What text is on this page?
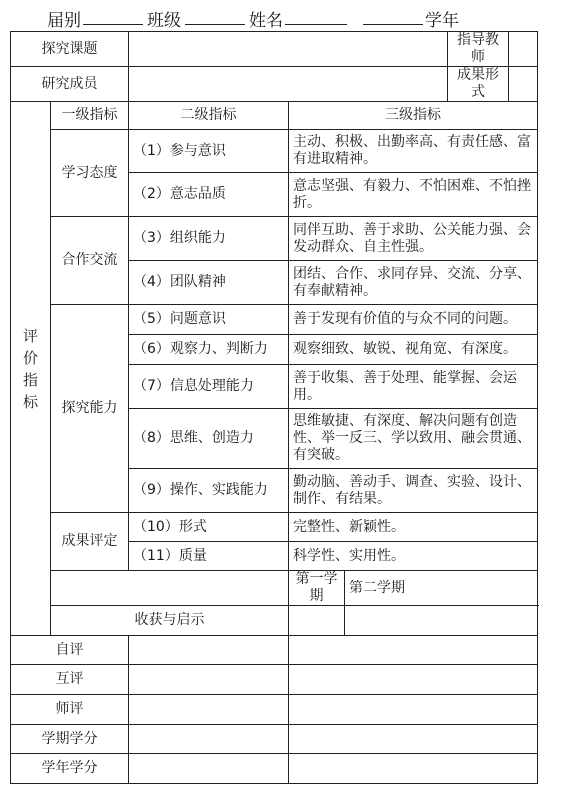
届别	班级	姓名	学年
探究课题					指导教师	
研究成员					成果形式	

评
价
指
标	一级指标	二级指标	三级指标			
	学习态度	（1）参与意识	主动、积极、出勤率高、有责任感、富有进取精神。			
		（2）意志品质	意志坚强、有毅力、不怕困难、不怕挫折。			
	合作交流	（3）组织能力	同伴互助、善于求助、公关能力强、会发动群众、自主性强。			
		（4）团队精神	团结、合作、求同存异、交流、分享、有奉献精神。			
	探究能力	（5）问题意识	善于发现有价值的与众不同的问题。			
		（6）观察力、判断力	观察细致、敏锐、视角宽、有深度。			
		（7）信息处理能力	善于收集、善于处理、能掌握、会运用。			
		（8）思维、创造力	思维敏捷、有深度、解决问题有创造性、举一反三、学以致用、融会贯通、有突破。			
		（9）操作、实践能力	勤动脑、善动手、调查、实验、设计、制作、有结果。			
	成果评定	（10）形式	完整性、新颖性。			
		（11）质量	科学性、实用性。			
			第一学期	第二学期		
	收获与启示					
自评						
互评						
师评						
学期学分						
学年学分						
